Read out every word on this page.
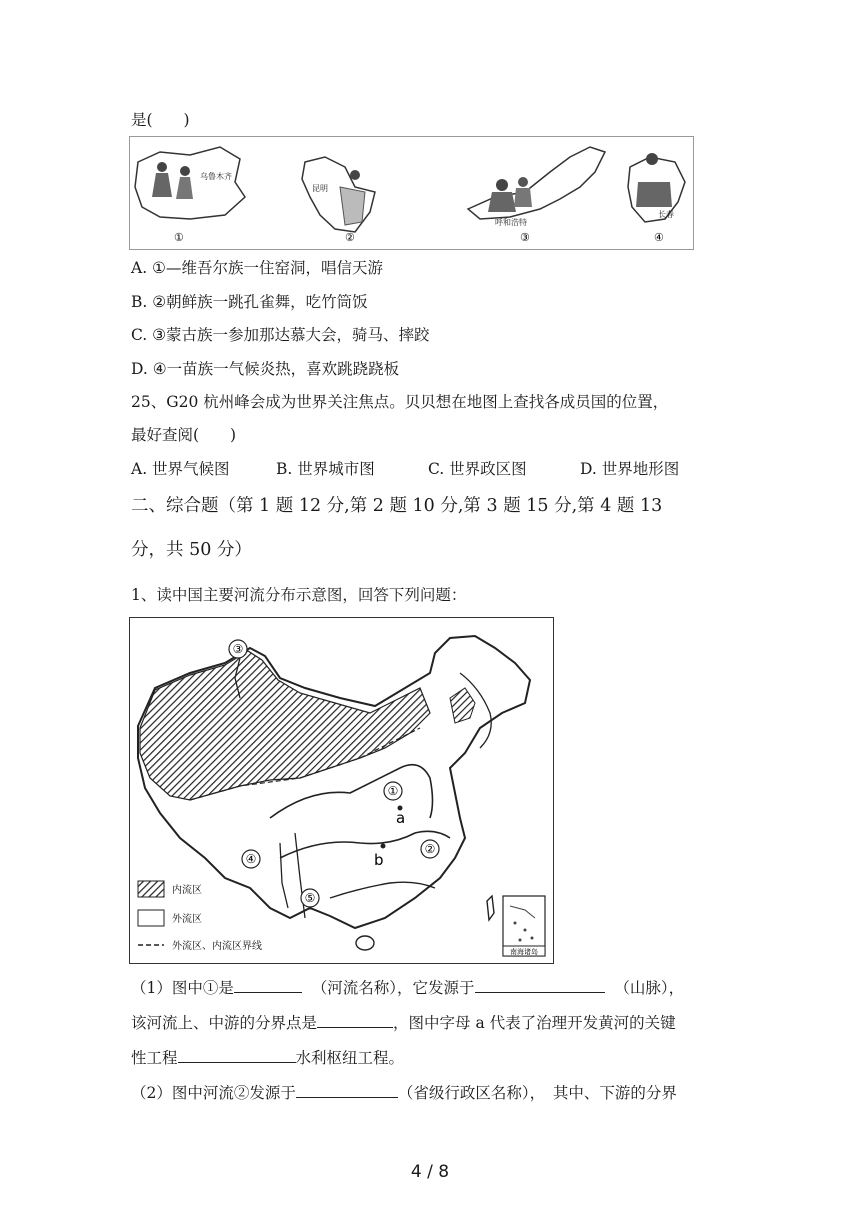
是(　　)
乌鲁木齐
①
昆明
②
呼和浩特
③
长春
④
A. ①—维吾尔族一住窑洞，唱信天游
B. ②朝鲜族一跳孔雀舞，吃竹筒饭
C. ③蒙古族一参加那达慕大会，骑马、摔跤
D. ④一苗族一气候炎热，喜欢跳跷跷板
25、G20 杭州峰会成为世界关注焦点。贝贝想在地图上查找各成员国的位置，
最好查阅(　　)
A. 世界气候图	B. 世界城市图	C. 世界政区图	D. 世界地形图
二、综合题（第 1 题 12 分,第 2 题 10 分,第 3 题 15 分,第 4 题 13
分，共 50 分）
1、读中国主要河流分布示意图，回答下列问题：
①
②
③
④
⑤
a
b
内流区
外流区
外流区、内流区界线	南海诸岛
（1）图中①是	（河流名称），它发源于	（山脉），
该河流上、中游的分界点是	，图中字母 a 代表了治理开发黄河的关键
性工程	水利枢纽工程。
（2）图中河流②发源于	（省级行政区名称），　其中、下游的分界
4 / 8
